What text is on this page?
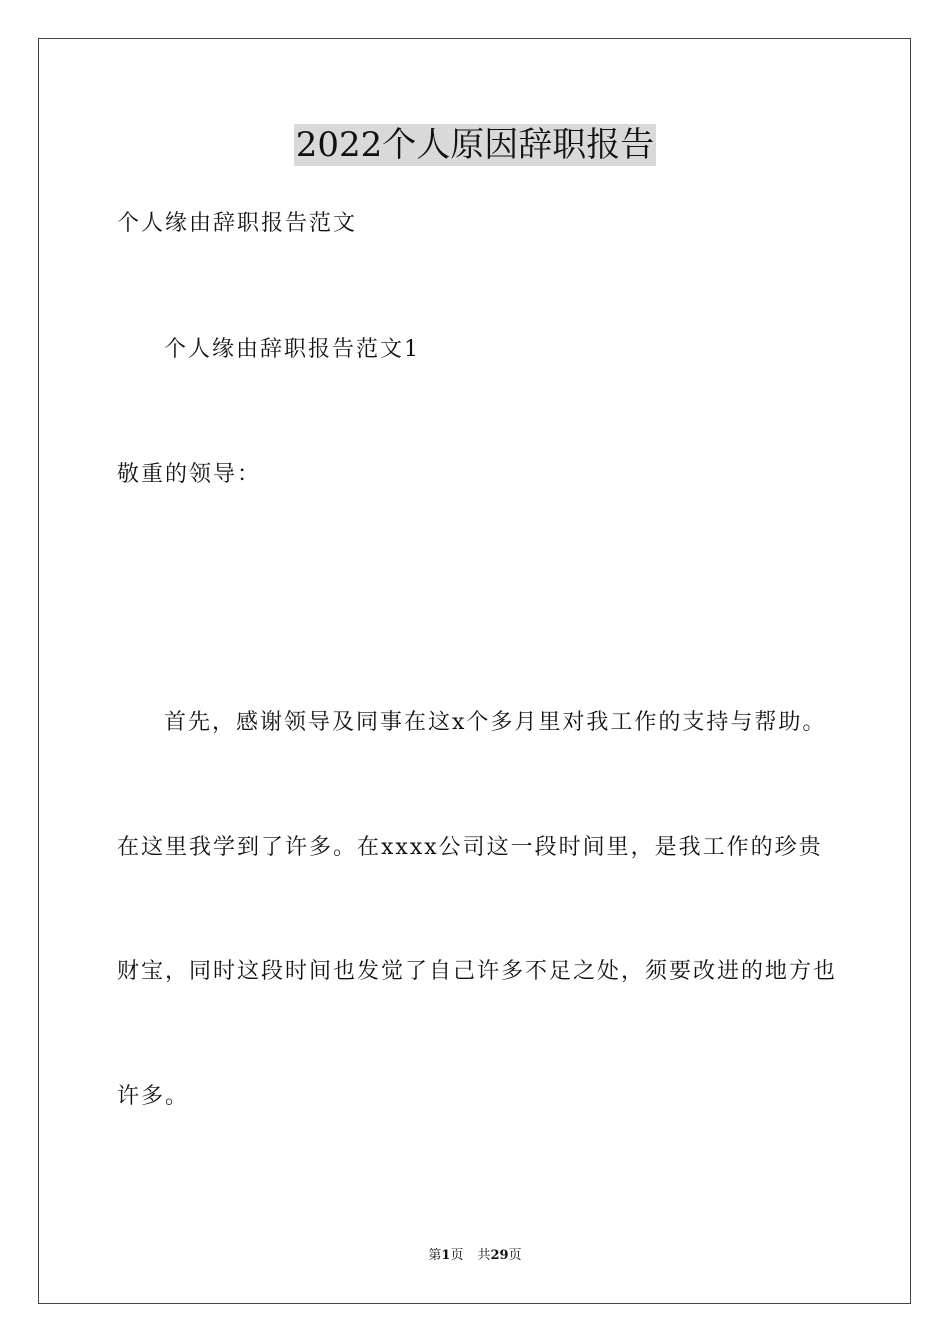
2022个人原因辞职报告
个人缘由辞职报告范文
个人缘由辞职报告范文1
敬重的领导：
首先，感谢领导及同事在这x个多月里对我工作的支持与帮助。
在这里我学到了许多。在xxxx公司这一段时间里，是我工作的珍贵
财宝，同时这段时间也发觉了自己许多不足之处，须要改进的地方也
许多。
第1页 共29页
